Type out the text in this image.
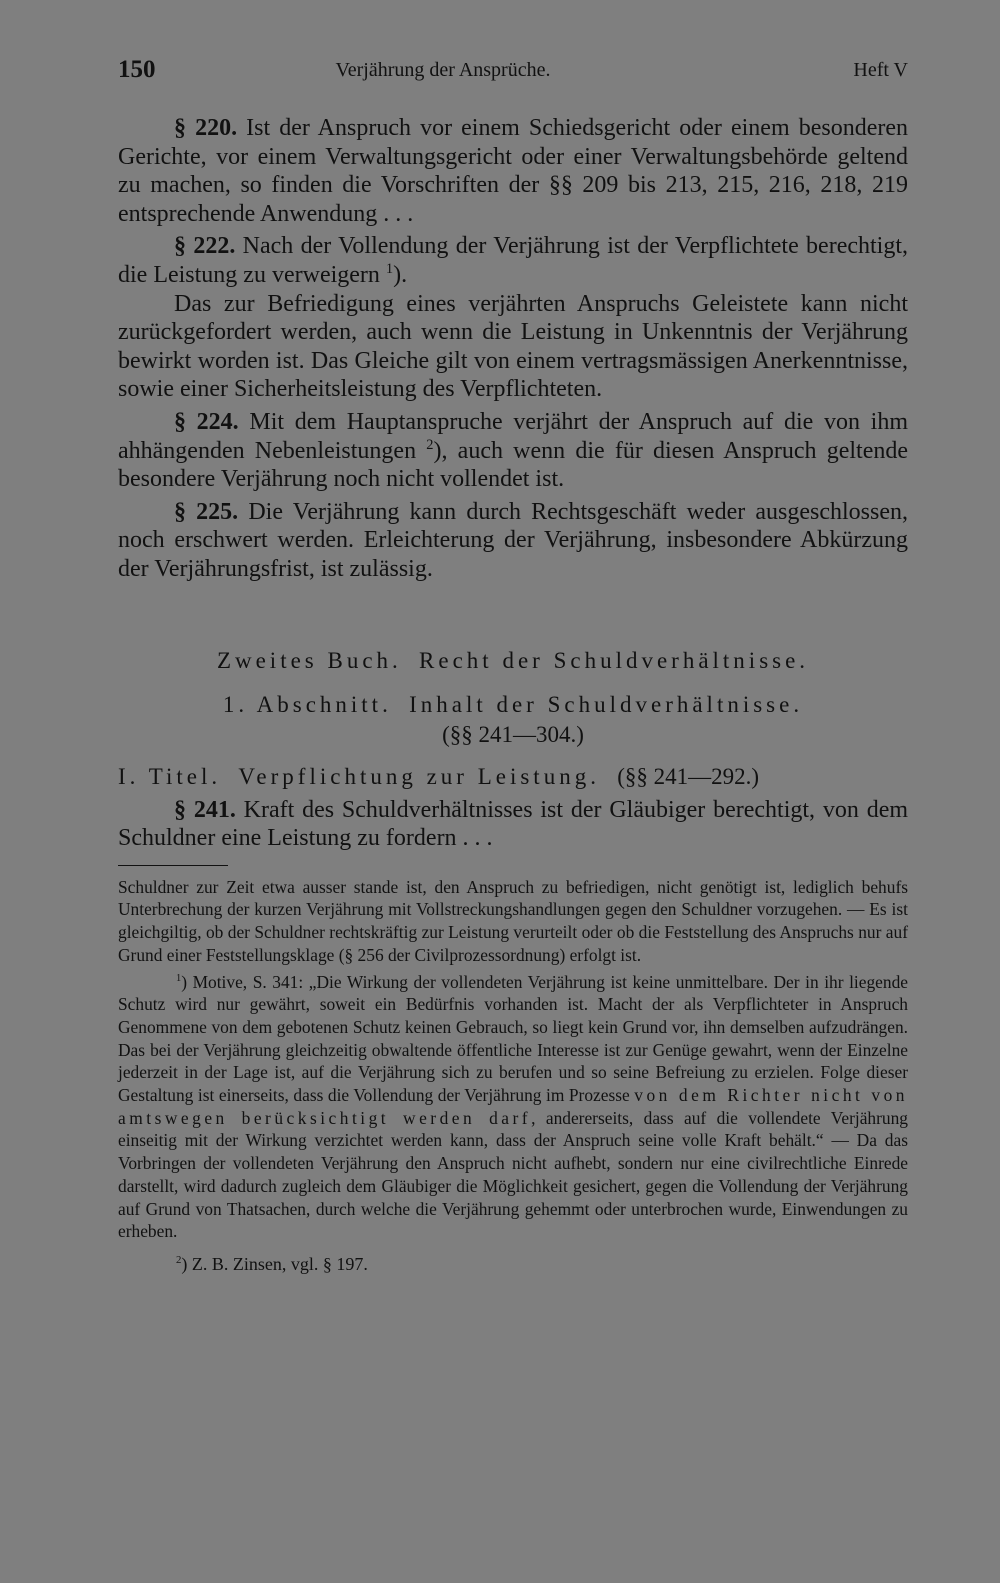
150	Verjährung der Ansprüche.	Heft V

§ 220. Ist der Anspruch vor einem Schiedsgericht oder einem besonderen Gerichte, vor einem Verwaltungsgericht oder einer Verwaltungsbehörde geltend zu machen, so finden die Vorschriften der §§ 209 bis 213, 215, 216, 218, 219 entsprechende Anwendung . . .

§ 222. Nach der Vollendung der Verjährung ist der Verpflichtete berechtigt, die Leistung zu verweigern $^1$).

Das zur Befriedigung eines verjährten Anspruchs Geleistete kann nicht zurückgefordert werden, auch wenn die Leistung in Unkenntnis der Verjährung bewirkt worden ist. Das Gleiche gilt von einem vertragsmässigen Anerkenntnisse, sowie einer Sicherheitsleistung des Verpflichteten.

§ 224. Mit dem Hauptanspruche verjährt der Anspruch auf die von ihm ahhängenden Nebenleistungen $^2$), auch wenn die für diesen Anspruch geltende besondere Verjährung noch nicht vollendet ist.

§ 225. Die Verjährung kann durch Rechtsgeschäft weder ausgeschlossen, noch erschwert werden. Erleichterung der Verjährung, insbesondere Abkürzung der Verjährungsfrist, ist zulässig.

Zweites Buch. Recht der Schuldverhältnisse.

1. Abschnitt. Inhalt der Schuldverhältnisse.

(§§ 241—304.)

I. Titel. Verpflichtung zur Leistung. (§§ 241—292.)

§ 241. Kraft des Schuldverhältnisses ist der Gläubiger berechtigt, von dem Schuldner eine Leistung zu fordern . . .

Schuldner zur Zeit etwa ausser stande ist, den Anspruch zu befriedigen, nicht genötigt ist, lediglich behufs Unterbrechung der kurzen Verjährung mit Vollstreckungshandlungen gegen den Schuldner vorzugehen. — Es ist gleichgiltig, ob der Schuldner rechtskräftig zur Leistung verurteilt oder ob die Feststellung des Anspruchs nur auf Grund einer Feststellungsklage (§ 256 der Civilprozessordnung) erfolgt ist.

$^1$) Motive, S. 341: „Die Wirkung der vollendeten Verjährung ist keine unmittelbare. Der in ihr liegende Schutz wird nur gewährt, soweit ein Bedürfnis vorhanden ist. Macht der als Verpflichteter in Anspruch Genommene von dem gebotenen Schutz keinen Gebrauch, so liegt kein Grund vor, ihn demselben aufzudrängen. Das bei der Verjährung gleichzeitig obwaltende öffentliche Interesse ist zur Genüge gewahrt, wenn der Einzelne jederzeit in der Lage ist, auf die Verjährung sich zu berufen und so seine Befreiung zu erzielen. Folge dieser Gestaltung ist einerseits, dass die Vollendung der Verjährung im Prozesse von dem Richter nicht von amtswegen berücksichtigt werden darf, andererseits, dass auf die vollendete Verjährung einseitig mit der Wirkung verzichtet werden kann, dass der Anspruch seine volle Kraft behält.“ — Da das Vorbringen der vollendeten Verjährung den Anspruch nicht aufhebt, sondern nur eine civilrechtliche Einrede darstellt, wird dadurch zugleich dem Gläubiger die Möglichkeit gesichert, gegen die Vollendung der Verjährung auf Grund von Thatsachen, durch welche die Verjährung gehemmt oder unterbrochen wurde, Einwendungen zu erheben.

$^2$) Z. B. Zinsen, vgl. § 197.
